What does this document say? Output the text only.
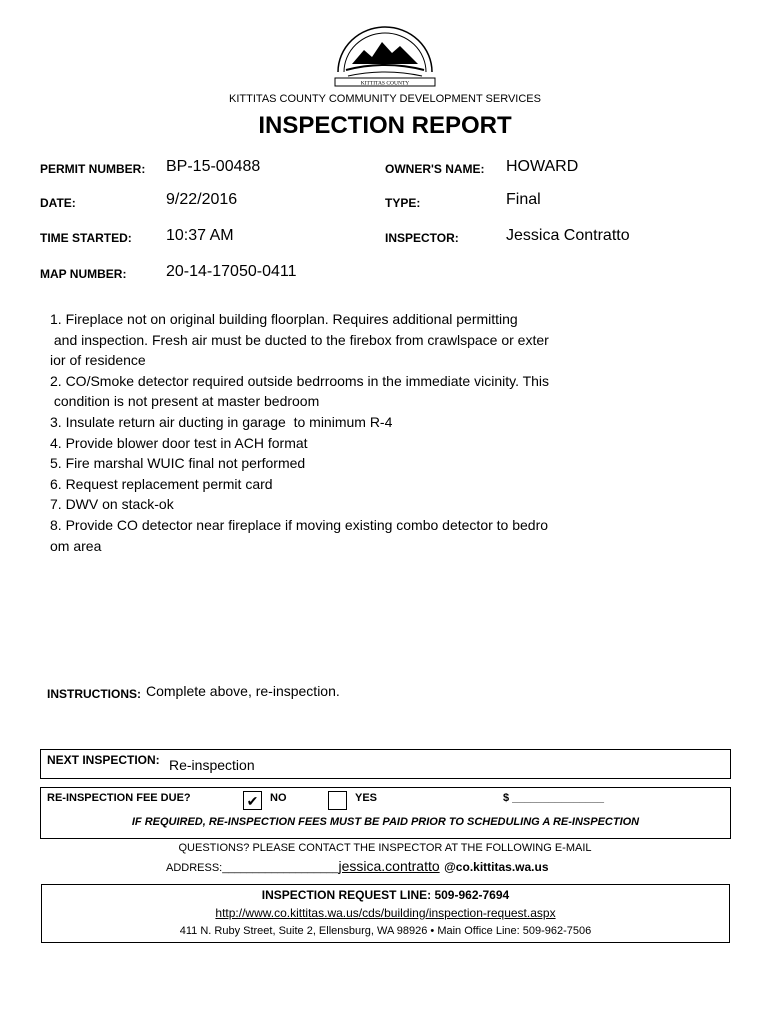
KITTITAS COUNTY
KITTITAS COUNTY COMMUNITY DEVELOPMENT SERVICES
INSPECTION REPORT
PERMIT NUMBER: BP-15-00488	OWNER'S NAME: HOWARD
DATE:	9/22/2016	TYPE:	Final
TIME STARTED: 10:37 AM	INSPECTOR:	Jessica Contratto
MAP NUMBER: 20-14-17050-0411
1. Fireplace not on original building floorplan. Requires additional permitting
and inspection. Fresh air must be ducted to the firebox from crawlspace or exter
ior of residence
2. CO/Smoke detector required outside bedrrooms in the immediate vicinity. This
condition is not present at master bedroom
3. Insulate return air ducting in garage  to minimum R-4
4. Provide blower door test in ACH format
5. Fire marshal WUIC final not performed
6. Request replacement permit card
7. DWV on stack-ok
8. Provide CO detector near fireplace if moving existing combo detector to bedro
om area
INSTRUCTIONS: Complete above, re-inspection.
NEXT INSPECTION: Re-inspection
RE-INSPECTION FEE DUE?	✔	NO	YES	$ _______________
IF REQUIRED, RE-INSPECTION FEES MUST BE PAID PRIOR TO SCHEDULING A RE-INSPECTION
QUESTIONS? PLEASE CONTACT THE INSPECTOR AT THE FOLLOWING E-MAIL
ADDRESS:___________________jessica.contratto @co.kittitas.wa.us
INSPECTION REQUEST LINE: 509-962-7694
http://www.co.kittitas.wa.us/cds/building/inspection-request.aspx
411 N. Ruby Street, Suite 2, Ellensburg, WA 98926 • Main Office Line: 509-962-7506
